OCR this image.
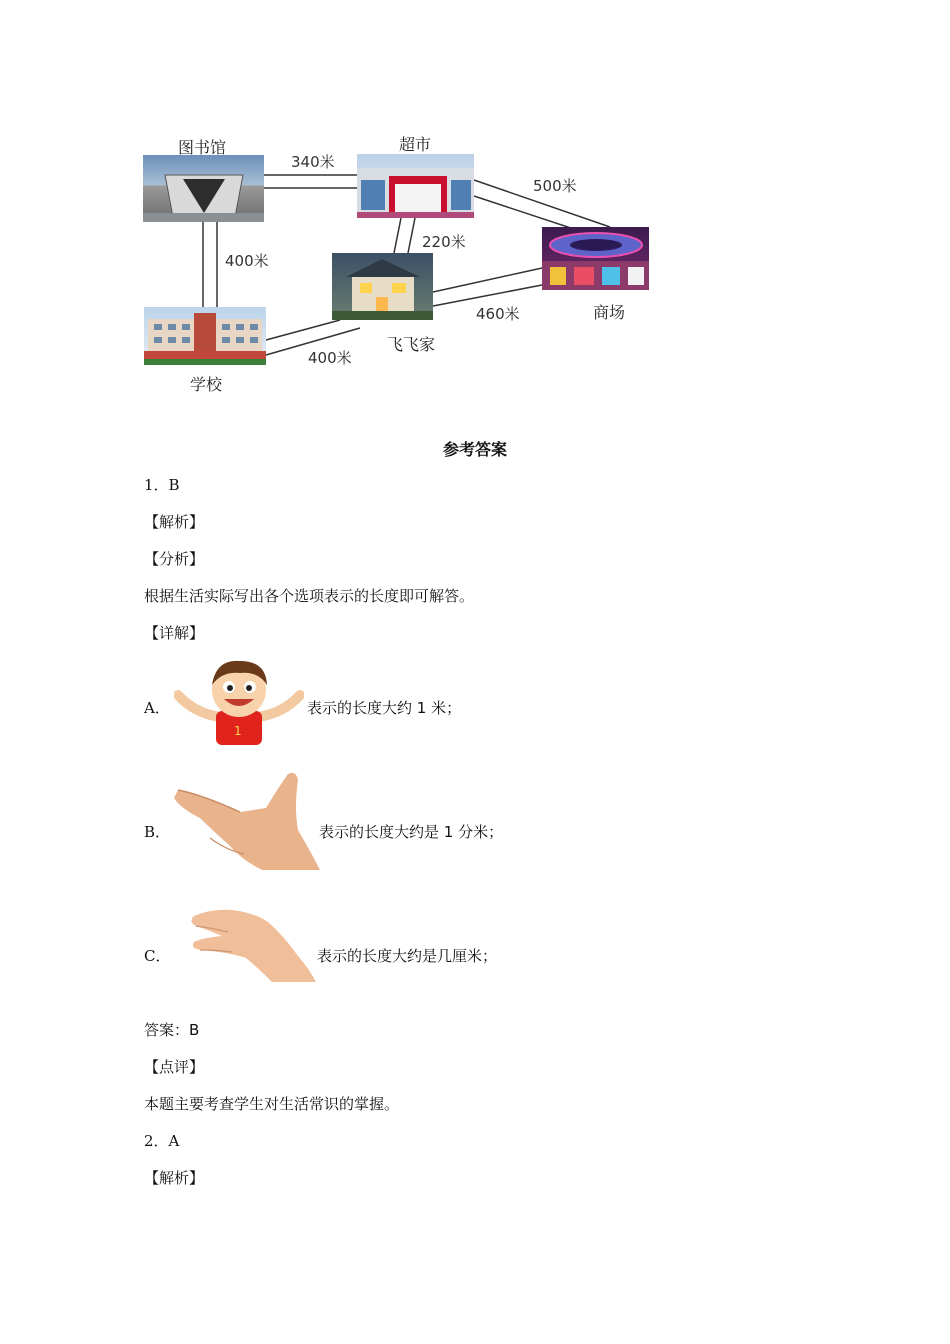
图书馆	超市
飞飞家
商场
学校
340米
400米
220米
500米
460米
400米
参考答案
1．B
【解析】
【分析】
根据生活实际写出各个选项表示的长度即可解答。
【详解】
A．
1
表示的长度大约 1 米；
B．	表示的长度大约是 1 分米；
C．	表示的长度大约是几厘米；
答案：B
【点评】
本题主要考查学生对生活常识的掌握。
2．A
【解析】
